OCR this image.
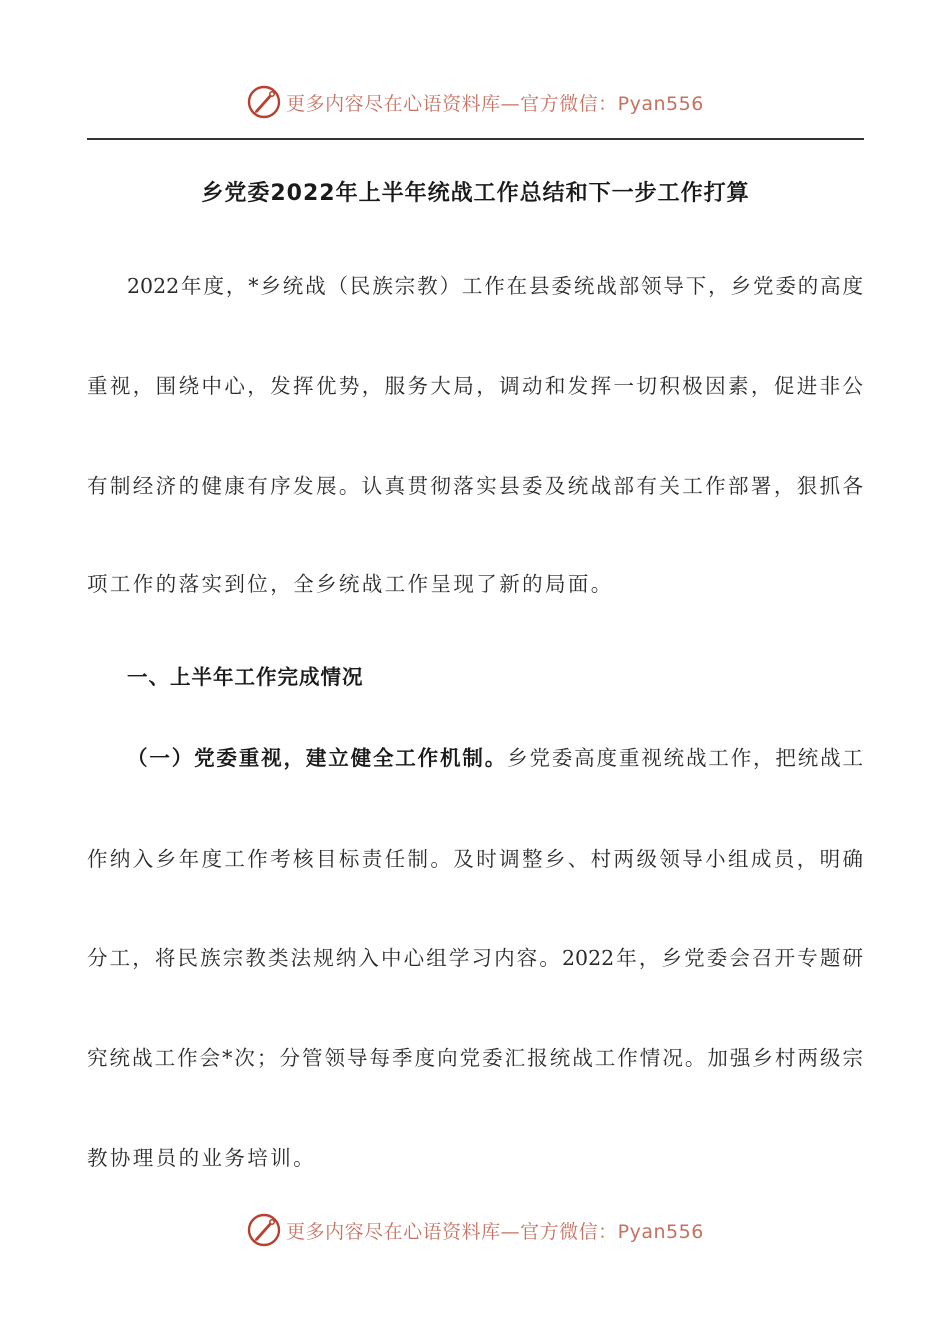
更多内容尽在心语资料库—官方微信：Pyan556
乡党委2022年上半年统战工作总结和下一步工作打算
2022年度，*乡统战（民族宗教）工作在县委统战部领导下，乡党委的高度
重视，围绕中心，发挥优势，服务大局，调动和发挥一切积极因素，促进非公
有制经济的健康有序发展。认真贯彻落实县委及统战部有关工作部署，狠抓各
项工作的落实到位，全乡统战工作呈现了新的局面。
一、上半年工作完成情况
（一）党委重视，建立健全工作机制。乡党委高度重视统战工作，把统战工
作纳入乡年度工作考核目标责任制。及时调整乡、村两级领导小组成员，明确
分工，将民族宗教类法规纳入中心组学习内容。2022年，乡党委会召开专题研
究统战工作会*次；分管领导每季度向党委汇报统战工作情况。加强乡村两级宗
教协理员的业务培训。
更多内容尽在心语资料库—官方微信：Pyan556
